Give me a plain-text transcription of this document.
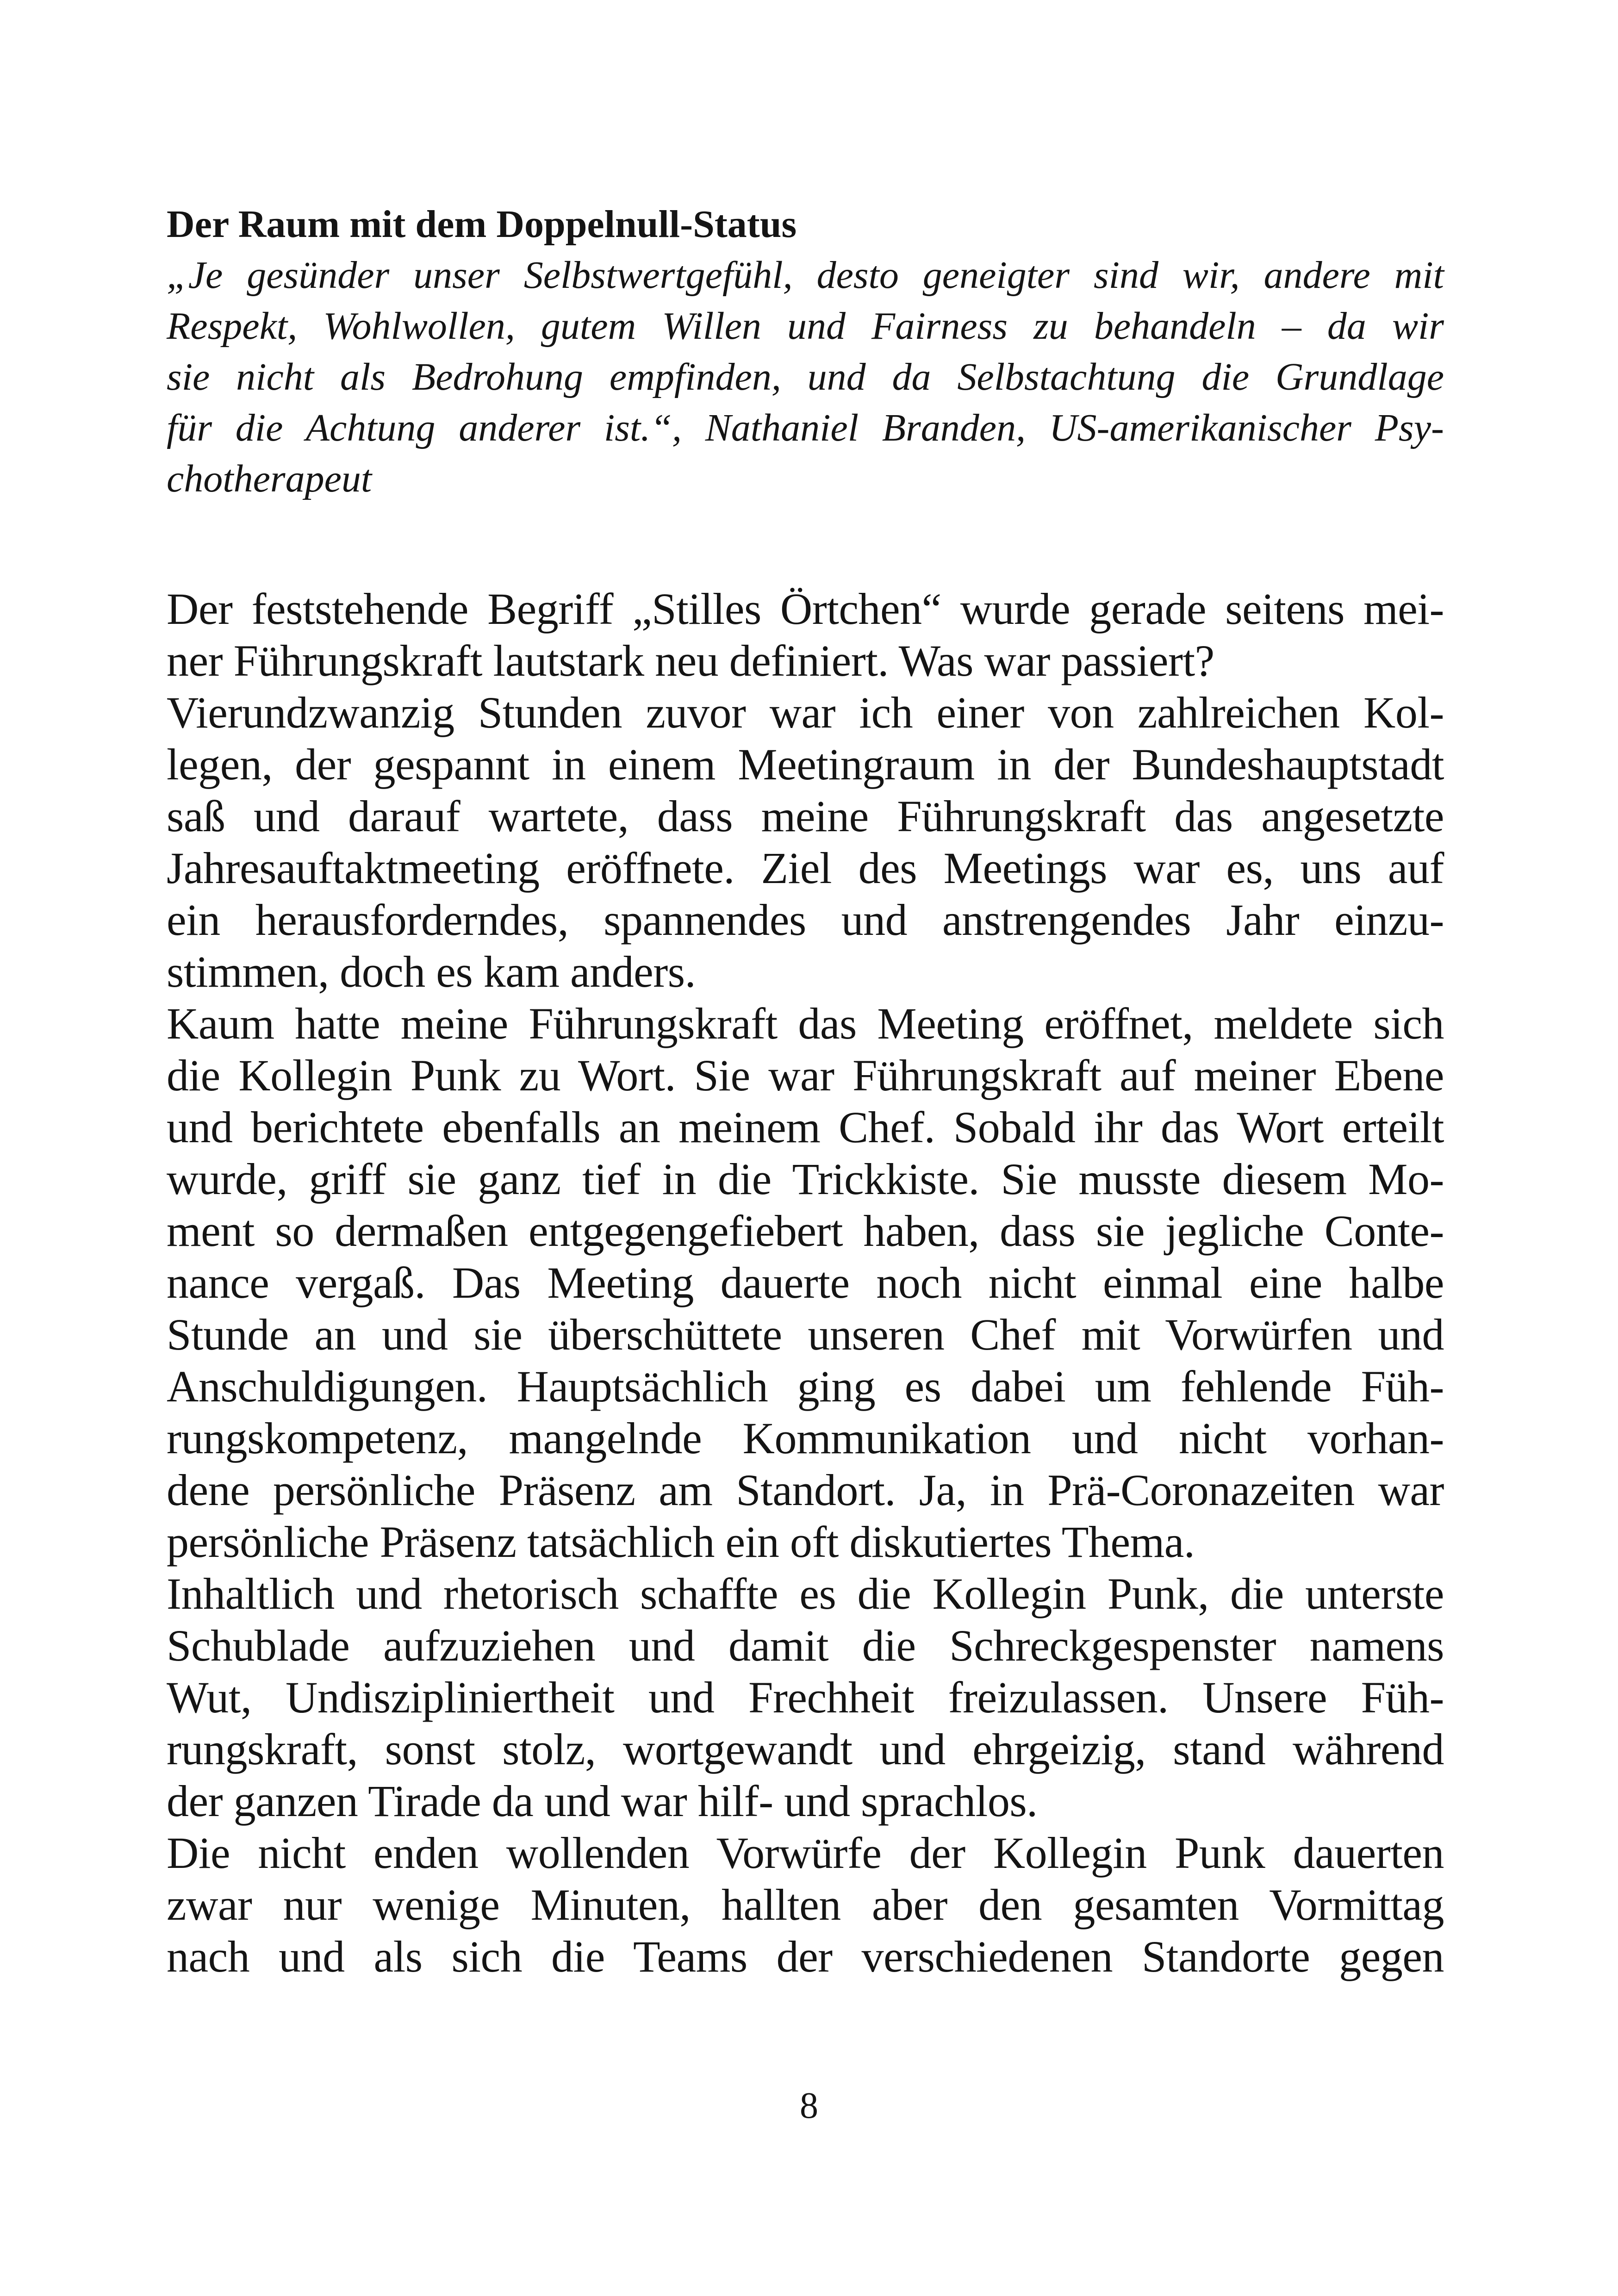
Der Raum mit dem Doppelnull-Status
„Je gesünder unser Selbstwertgefühl, desto geneigter sind wir, andere mit
Respekt, Wohlwollen, gutem Willen und Fairness zu behandeln – da wir
sie nicht als Bedrohung empfinden, und da Selbstachtung die Grundlage
für die Achtung anderer ist.“, Nathaniel Branden, US-amerikanischer Psy-
chotherapeut

Der feststehende Begriff „Stilles Örtchen“ wurde gerade seitens mei-
ner Führungskraft lautstark neu definiert. Was war passiert?

Vierundzwanzig Stunden zuvor war ich einer von zahlreichen Kol-
legen, der gespannt in einem Meetingraum in der Bundeshauptstadt
saß und darauf wartete, dass meine Führungskraft das angesetzte
Jahresauftaktmeeting eröffnete. Ziel des Meetings war es, uns auf
ein herausforderndes, spannendes und anstrengendes Jahr einzu-
stimmen, doch es kam anders.

Kaum hatte meine Führungskraft das Meeting eröffnet, meldete sich
die Kollegin Punk zu Wort. Sie war Führungskraft auf meiner Ebene
und berichtete ebenfalls an meinem Chef. Sobald ihr das Wort erteilt
wurde, griff sie ganz tief in die Trickkiste. Sie musste diesem Mo-
ment so dermaßen entgegengefiebert haben, dass sie jegliche Conte-
nance vergaß. Das Meeting dauerte noch nicht einmal eine halbe
Stunde an und sie überschüttete unseren Chef mit Vorwürfen und
Anschuldigungen. Hauptsächlich ging es dabei um fehlende Füh-
rungskompetenz, mangelnde Kommunikation und nicht vorhan-
dene persönliche Präsenz am Standort. Ja, in Prä-Coronazeiten war
persönliche Präsenz tatsächlich ein oft diskutiertes Thema.

Inhaltlich und rhetorisch schaffte es die Kollegin Punk, die unterste
Schublade aufzuziehen und damit die Schreckgespenster namens
Wut, Undiszipliniertheit und Frechheit freizulassen. Unsere Füh-
rungskraft, sonst stolz, wortgewandt und ehrgeizig, stand während
der ganzen Tirade da und war hilf- und sprachlos.

Die nicht enden wollenden Vorwürfe der Kollegin Punk dauerten
zwar nur wenige Minuten, hallten aber den gesamten Vormittag
nach und als sich die Teams der verschiedenen Standorte gegen

8
